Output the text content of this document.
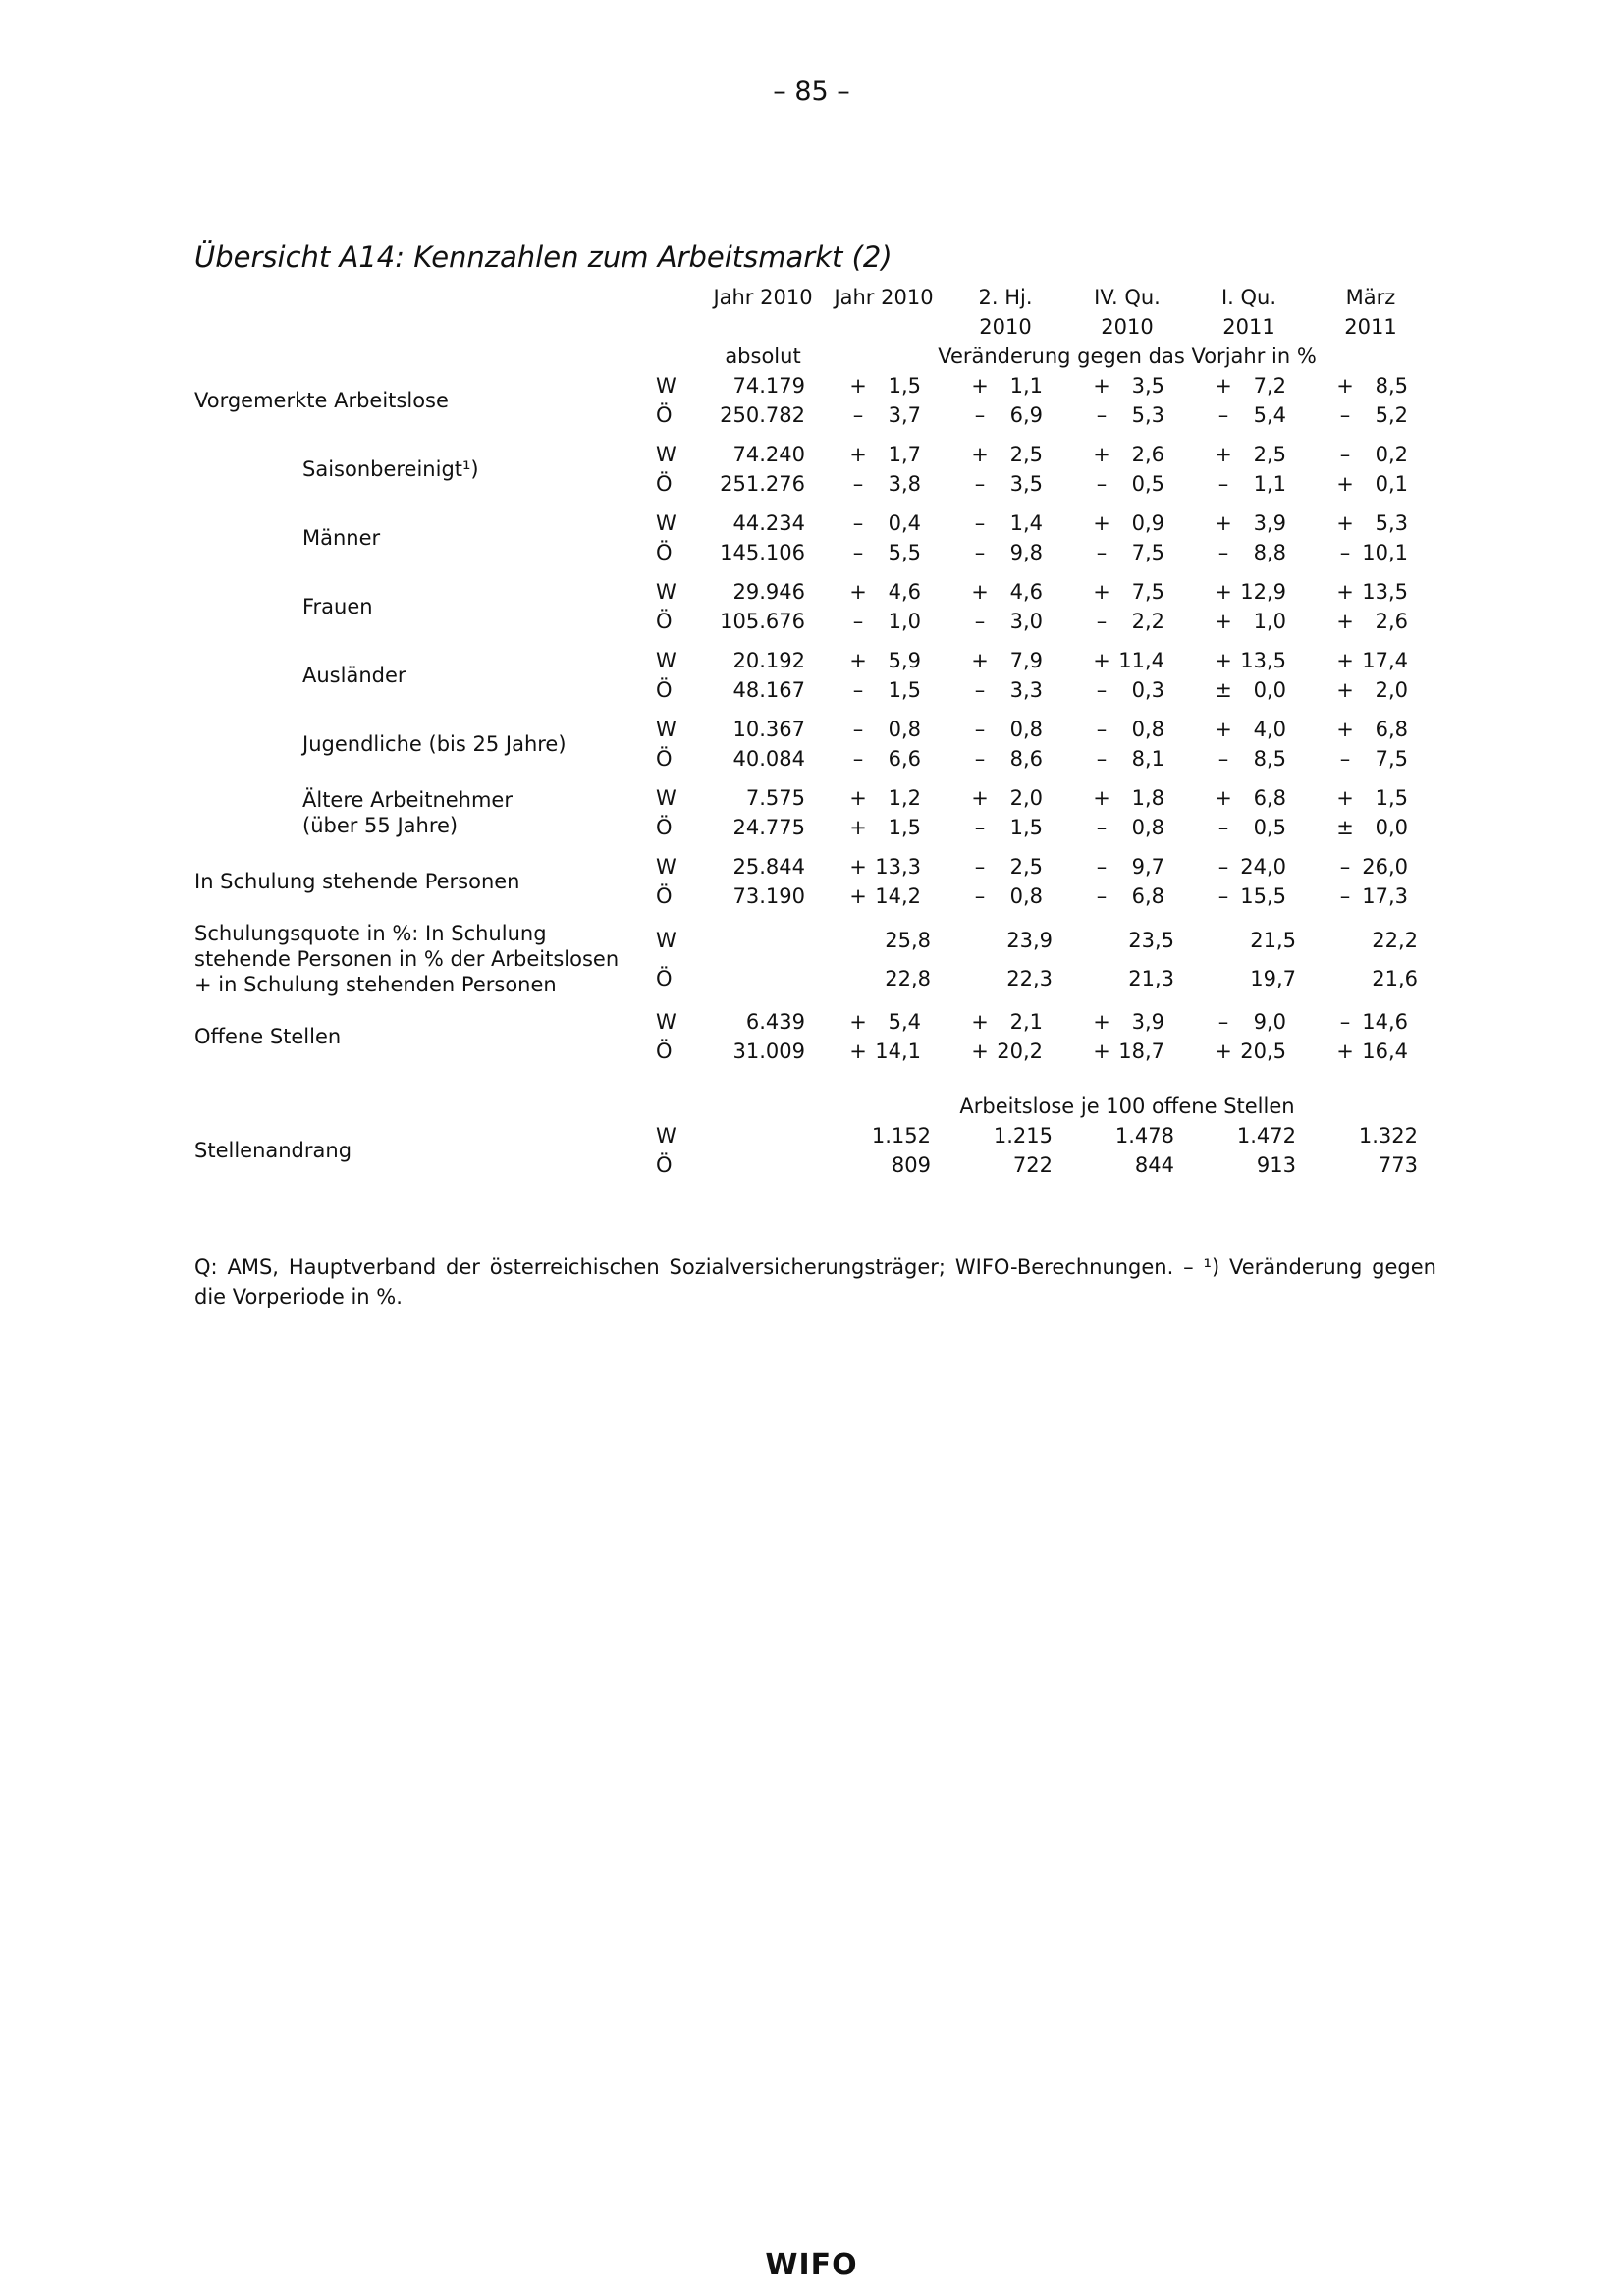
– 85 –
Übersicht A14: Kennzahlen zum Arbeitsmarkt (2)
		Jahr 2010	Jahr 2010	2. Hj.	IV. Qu.	I. Qu.	März
				2010	2010	2011	2011
		absolut	Veränderung gegen das Vorjahr in %				

Vorgemerkte Arbeitslose	W	74.179	+ 1,5	+ 1,1	+ 3,5	+ 7,2	+ 8,5
	Ö	250.782	– 3,7	– 6,9	– 5,3	– 5,4	– 5,2

Saisonbereinigt¹)	W	74.240	+ 1,7	+ 2,5	+ 2,6	+ 2,5	– 0,2
	Ö	251.276	– 3,8	– 3,5	– 0,5	– 1,1	+ 0,1

Männer	W	44.234	– 0,4	– 1,4	+ 0,9	+ 3,9	+ 5,3
	Ö	145.106	– 5,5	– 9,8	– 7,5	– 8,8	– 10,1

Frauen	W	29.946	+ 4,6	+ 4,6	+ 7,5	+ 12,9	+ 13,5
	Ö	105.676	– 1,0	– 3,0	– 2,2	+ 1,0	+ 2,6

Ausländer	W	20.192	+ 5,9	+ 7,9	+ 11,4	+ 13,5	+ 17,4
	Ö	48.167	– 1,5	– 3,3	– 0,3	± 0,0	+ 2,0

Jugendliche (bis 25 Jahre)	W	10.367	– 0,8	– 0,8	– 0,8	+ 4,0	+ 6,8
	Ö	40.084	– 6,6	– 8,6	– 8,1	– 8,5	– 7,5

Ältere Arbeitnehmer
(über 55 Jahre)	W	7.575	+ 1,2	+ 2,0	+ 1,8	+ 6,8	+ 1,5
	Ö	24.775	+ 1,5	– 1,5	– 0,8	– 0,5	± 0,0

In Schulung stehende Personen	W	25.844	+ 13,3	– 2,5	– 9,7	– 24,0	– 26,0
	Ö	73.190	+ 14,2	– 0,8	– 6,8	– 15,5	– 17,3

Schulungsquote in %: In Schulung
stehende Personen in % der Arbeitslosen
+ in Schulung stehenden Personen	W		25,8	23,9	23,5	21,5	22,2
	Ö		22,8	22,3	21,3	19,7	21,6

Offene Stellen	W	6.439	+ 5,4	+ 2,1	+ 3,9	– 9,0	– 14,6
	Ö	31.009	+ 14,1	+ 20,2	+ 18,7	+ 20,5	+ 16,4

			Arbeitslose je 100 offene Stellen				

Stellenandrang	W		1.152	1.215	1.478	1.472	1.322
	Ö		809	722	844	913	773
Q: AMS, Hauptverband der österreichischen Sozialversicherungsträger; WIFO-Berechnungen. – ¹) Veränderung gegen die Vorperiode in %.
WIFO
